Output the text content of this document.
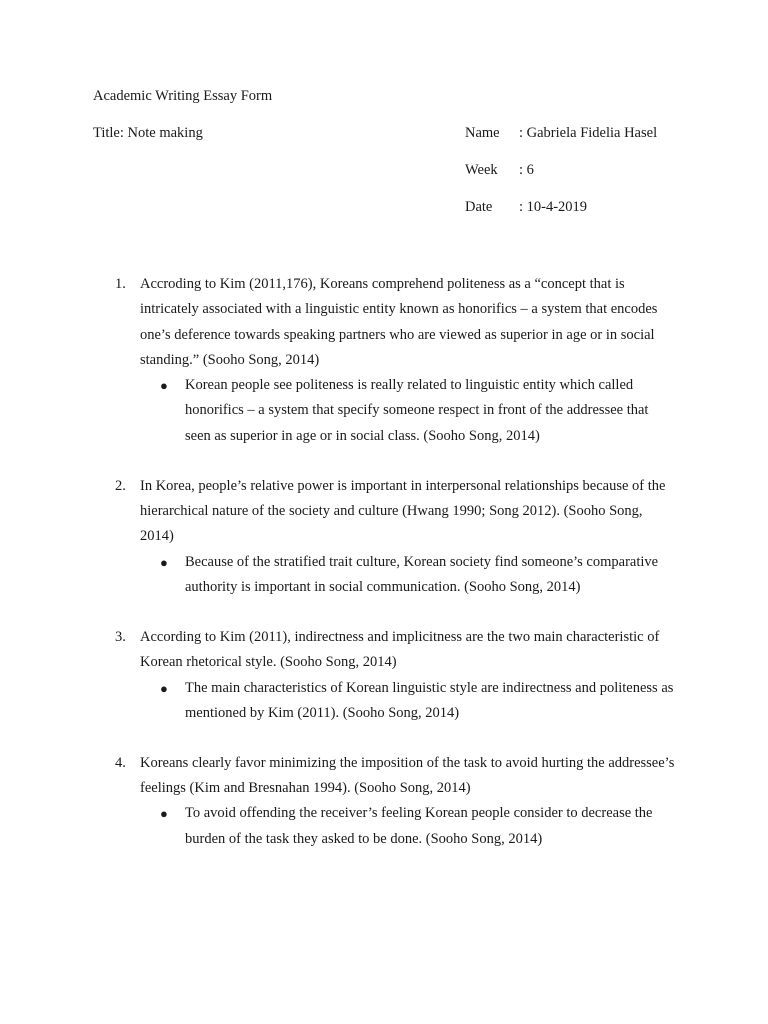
Academic Writing Essay Form
Title: Note making	Name : Gabriela Fidelia Hasel
Week : 6
Date : 10-4-2019
1. Accroding to Kim (2011,176), Koreans comprehend politeness as a “concept that is intricately associated with a linguistic entity known as honorifics – a system that encodes one’s deference towards speaking partners who are viewed as superior in age or in social standing.” (Sooho Song, 2014)
● Korean people see politeness is really related to linguistic entity which called honorifics – a system that specify someone respect in front of the addressee that seen as superior in age or in social class. (Sooho Song, 2014)
2. In Korea, people’s relative power is important in interpersonal relationships because of the hierarchical nature of the society and culture (Hwang 1990; Song 2012). (Sooho Song, 2014)
● Because of the stratified trait culture, Korean society find someone’s comparative authority is important in social communication. (Sooho Song, 2014)
3. According to Kim (2011), indirectness and implicitness are the two main characteristic of Korean rhetorical style. (Sooho Song, 2014)
● The main characteristics of Korean linguistic style are indirectness and politeness as mentioned by Kim (2011). (Sooho Song, 2014)
4. Koreans clearly favor minimizing the imposition of the task to avoid hurting the addressee’s feelings (Kim and Bresnahan 1994). (Sooho Song, 2014)
● To avoid offending the receiver’s feeling Korean people consider to decrease the burden of the task they asked to be done. (Sooho Song, 2014)
